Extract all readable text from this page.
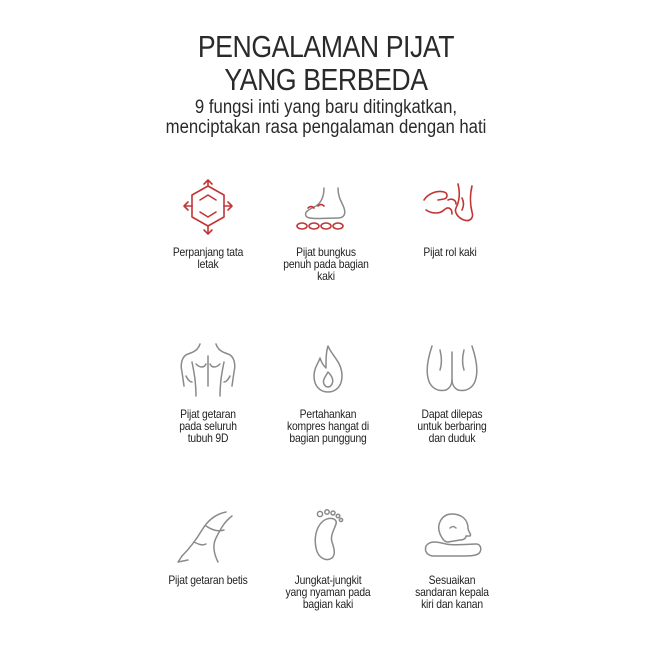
PENGALAMAN PIJAT
YANG BERBEDA
9 fungsi inti yang baru ditingkatkan,
menciptakan rasa pengalaman dengan hati
Perpanjang tata
letak
Pijat bungkus
penuh pada bagian
kaki
Pijat rol kaki
Pijat getaran
pada seluruh
tubuh 9D
Pertahankan
kompres hangat di
bagian punggung
Dapat dilepas
untuk berbaring
dan duduk
Pijat getaran betis	Jungkat-jungkit
yang nyaman pada
bagian kaki
Sesuaikan
sandaran kepala
kiri dan kanan
